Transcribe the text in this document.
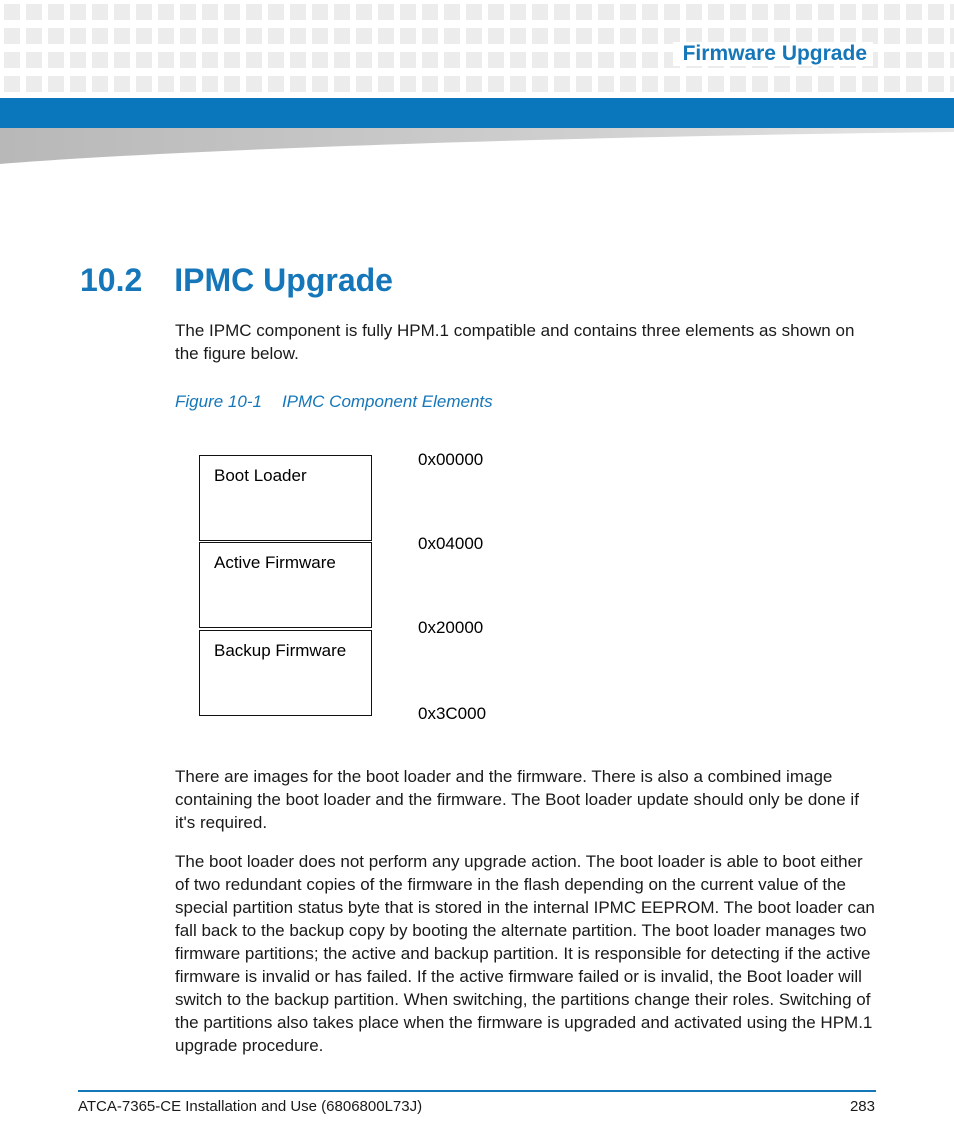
Firmware Upgrade
10.2 IPMC Upgrade

The IPMC component is fully HPM.1 compatible and contains three elements as shown on the figure below.

Figure 10-1 IPMC Component Elements
Boot Loader
Active Firmware
Backup Firmware
0x00000
0x04000
0x20000
0x3C000

There are images for the boot loader and the firmware. There is also a combined image containing the boot loader and the firmware. The Boot loader update should only be done if it's required.

The boot loader does not perform any upgrade action. The boot loader is able to boot either of two redundant copies of the firmware in the flash depending on the current value of the special partition status byte that is stored in the internal IPMC EEPROM. The boot loader can fall back to the backup copy by booting the alternate partition. The boot loader manages two firmware partitions; the active and backup partition. It is responsible for detecting if the active firmware is invalid or has failed. If the active firmware failed or is invalid, the Boot loader will switch to the backup partition. When switching, the partitions change their roles. Switching of the partitions also takes place when the firmware is upgraded and activated using the HPM.1 upgrade procedure.

ATCA-7365-CE Installation and Use (6806800L73J)	283
